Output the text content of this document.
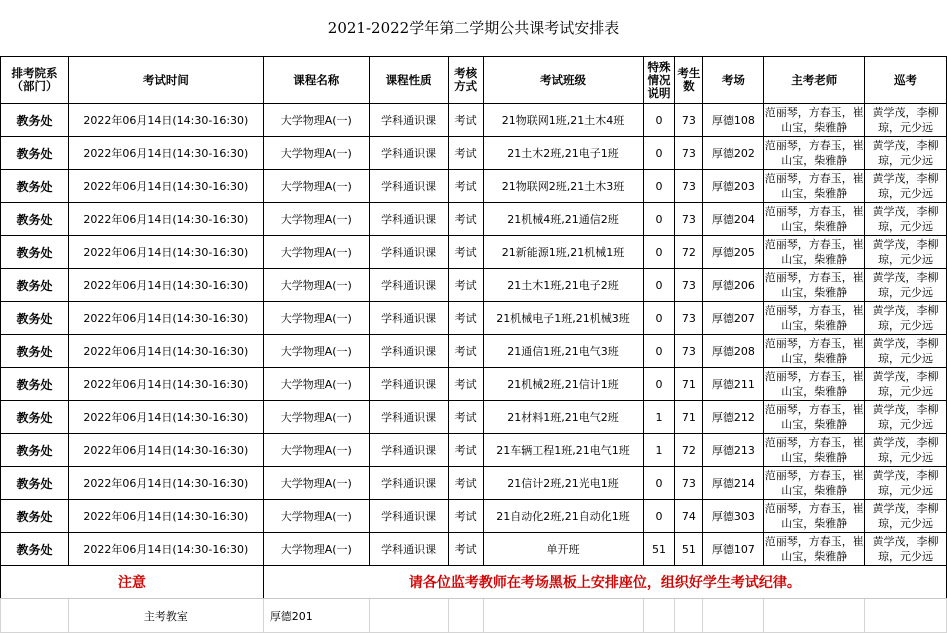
2021-2022学年第二学期公共课考试安排表
排考院系（部门）	考试时间	课程名称	课程性质	考核方式	考试班级	特殊情况说明	考生数	考场	主考老师	巡考
教务处	2022年06月14日(14:30-16:30)	大学物理A(一)	学科通识课	考试	21物联网1班,21土木4班	0	73	厚德108	范丽琴，方春玉，崔山宝，柴雅静	黄学茂，李柳琼，元少远
教务处	2022年06月14日(14:30-16:30)	大学物理A(一)	学科通识课	考试	21土木2班,21电子1班	0	73	厚德202	范丽琴，方春玉，崔山宝，柴雅静	黄学茂，李柳琼，元少远
教务处	2022年06月14日(14:30-16:30)	大学物理A(一)	学科通识课	考试	21物联网2班,21土木3班	0	73	厚德203	范丽琴，方春玉，崔山宝，柴雅静	黄学茂，李柳琼，元少远
教务处	2022年06月14日(14:30-16:30)	大学物理A(一)	学科通识课	考试	21机械4班,21通信2班	0	73	厚德204	范丽琴，方春玉，崔山宝，柴雅静	黄学茂，李柳琼，元少远
教务处	2022年06月14日(14:30-16:30)	大学物理A(一)	学科通识课	考试	21新能源1班,21机械1班	0	72	厚德205	范丽琴，方春玉，崔山宝，柴雅静	黄学茂，李柳琼，元少远
教务处	2022年06月14日(14:30-16:30)	大学物理A(一)	学科通识课	考试	21土木1班,21电子2班	0	73	厚德206	范丽琴，方春玉，崔山宝，柴雅静	黄学茂，李柳琼，元少远
教务处	2022年06月14日(14:30-16:30)	大学物理A(一)	学科通识课	考试	21机械电子1班,21机械3班	0	73	厚德207	范丽琴，方春玉，崔山宝，柴雅静	黄学茂，李柳琼，元少远
教务处	2022年06月14日(14:30-16:30)	大学物理A(一)	学科通识课	考试	21通信1班,21电气3班	0	73	厚德208	范丽琴，方春玉，崔山宝，柴雅静	黄学茂，李柳琼，元少远
教务处	2022年06月14日(14:30-16:30)	大学物理A(一)	学科通识课	考试	21机械2班,21信计1班	0	71	厚德211	范丽琴，方春玉，崔山宝，柴雅静	黄学茂，李柳琼，元少远
教务处	2022年06月14日(14:30-16:30)	大学物理A(一)	学科通识课	考试	21材料1班,21电气2班	1	71	厚德212	范丽琴，方春玉，崔山宝，柴雅静	黄学茂，李柳琼，元少远
教务处	2022年06月14日(14:30-16:30)	大学物理A(一)	学科通识课	考试	21车辆工程1班,21电气1班	1	72	厚德213	范丽琴，方春玉，崔山宝，柴雅静	黄学茂，李柳琼，元少远
教务处	2022年06月14日(14:30-16:30)	大学物理A(一)	学科通识课	考试	21信计2班,21光电1班	0	73	厚德214	范丽琴，方春玉，崔山宝，柴雅静	黄学茂，李柳琼，元少远
教务处	2022年06月14日(14:30-16:30)	大学物理A(一)	学科通识课	考试	21自动化2班,21自动化1班	0	74	厚德303	范丽琴，方春玉，崔山宝，柴雅静	黄学茂，李柳琼，元少远
教务处	2022年06月14日(14:30-16:30)	大学物理A(一)	学科通识课	考试	单开班	51	51	厚德107	范丽琴，方春玉，崔山宝，柴雅静	黄学茂，李柳琼，元少远
注意		请各位监考教师在考场黑板上安排座位，组织好学生考试纪律。								
	主考教室	厚德201								
